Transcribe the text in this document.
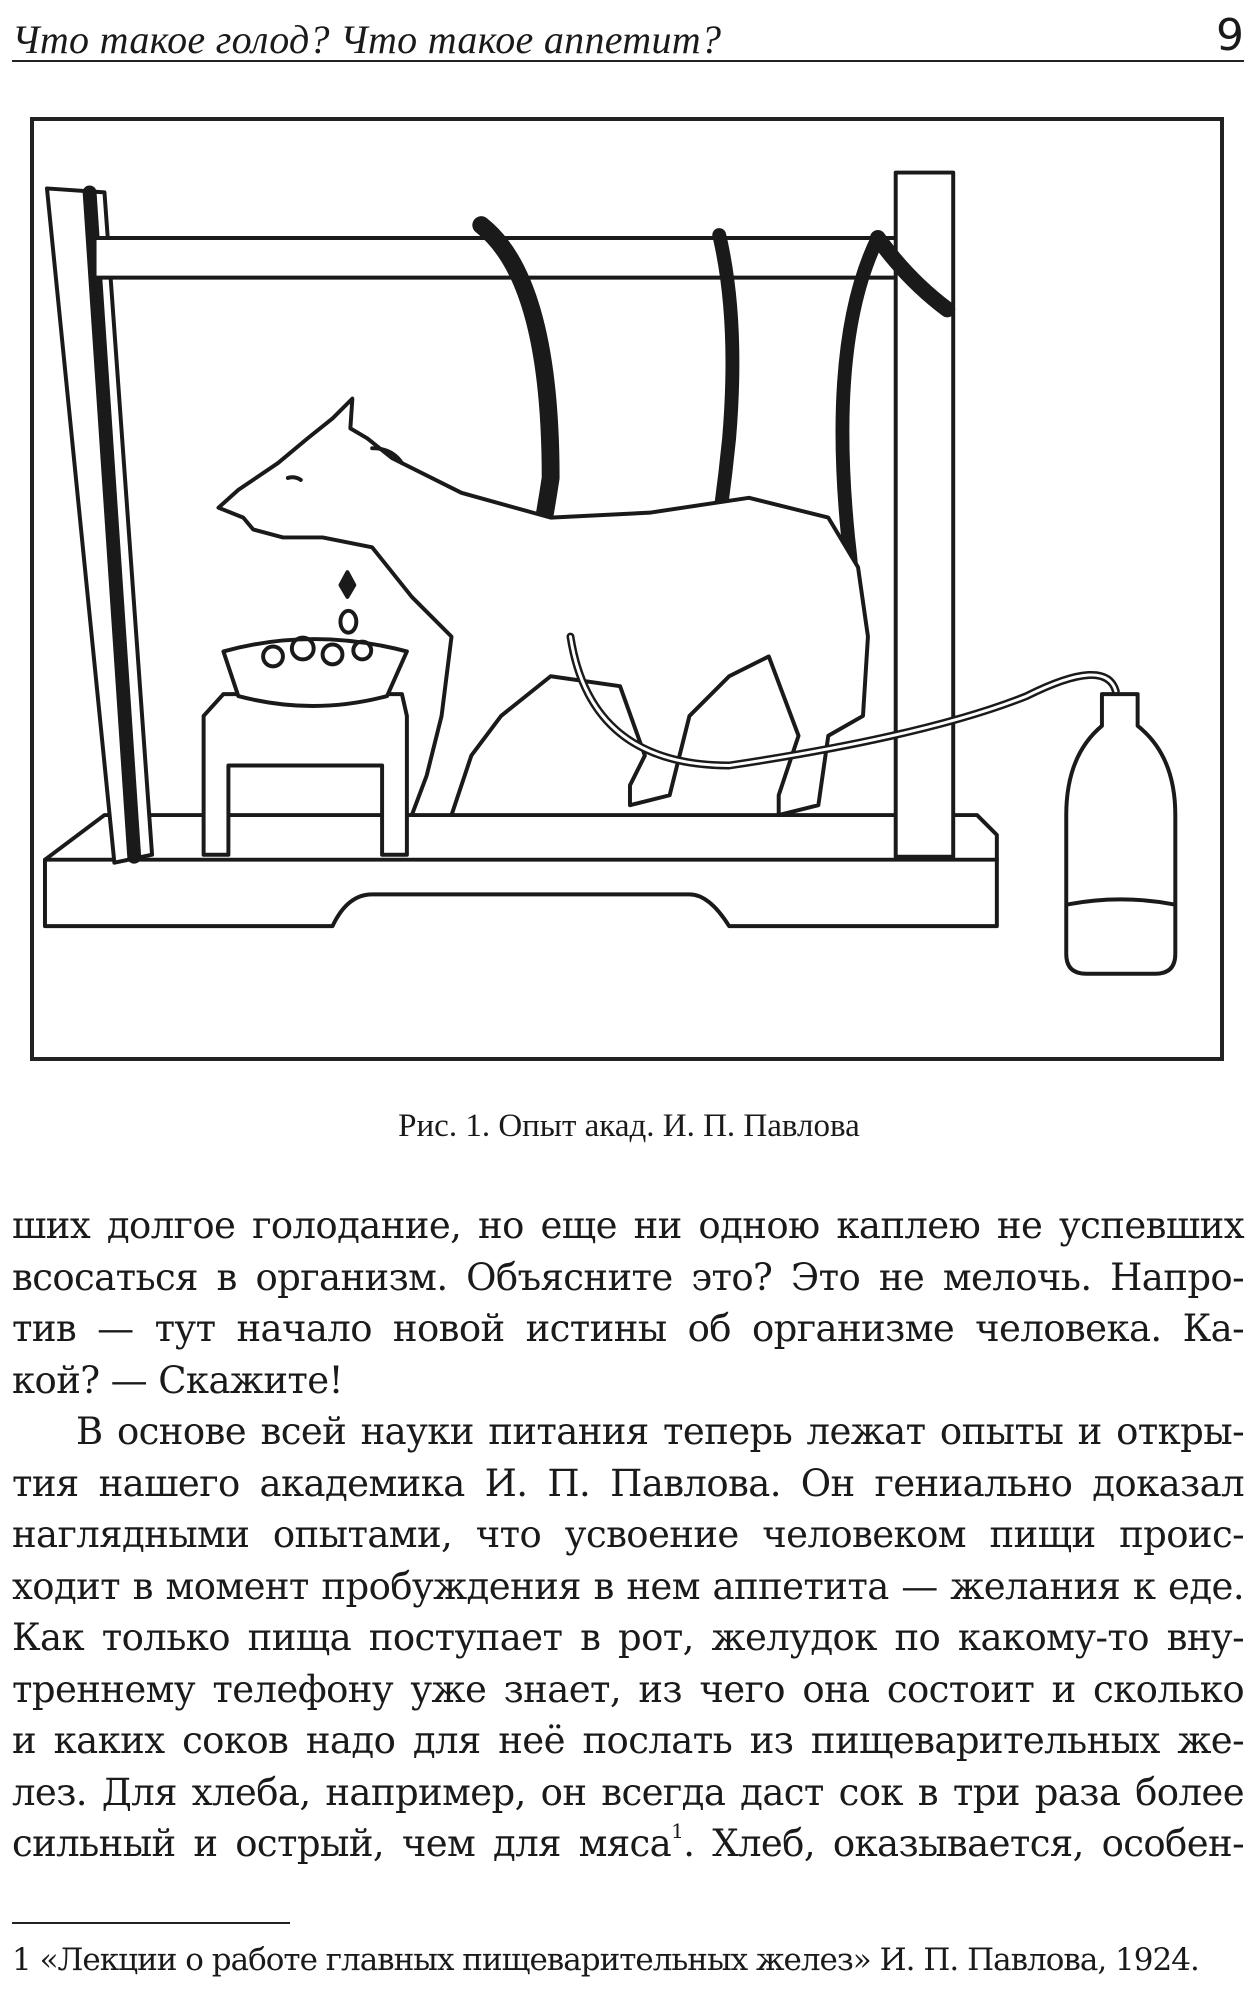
Что такое голод? Что такое аппетит?	9
Рис. 1. Опыт акад. И. П. Павлова
ших долгое голодание, но еще ни одною каплею не успевших
всосаться в организм. Объясните это? Это не мелочь. Напро-
тив — тут начало новой истины об организме человека. Ка-
кой? — Скажите!
В основе всей науки питания теперь лежат опыты и откры-
тия нашего академика И. П. Павлова. Он гениально доказал
наглядными опытами, что усвоение человеком пищи проис-
ходит в момент пробуждения в нем аппетита — желания к еде.
Как только пища поступает в рот, желудок по какому-то вну-
треннему телефону уже знает, из чего она состоит и сколько
и каких соков надо для неё послать из пищеварительных же-
лез. Для хлеба, например, он всегда даст сок в три раза более
сильный и острый, чем для мяса$^1$. Хлеб, оказывается, особен-
1 «Лекции о работе главных пищеварительных желез» И. П. Павлова, 1924.
